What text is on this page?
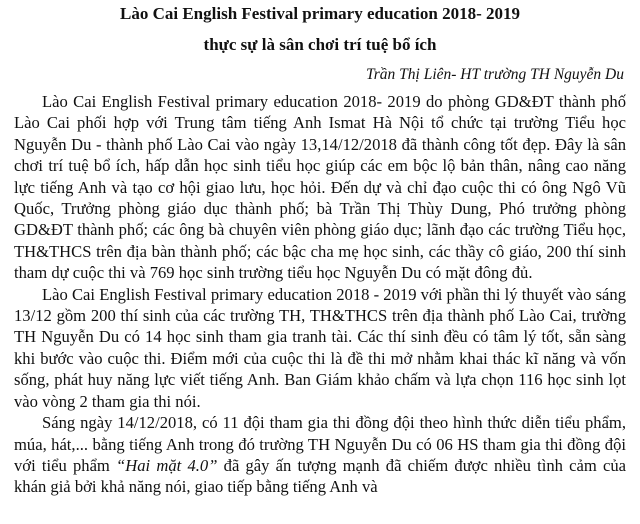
Lào Cai English Festival primary education 2018- 2019
thực sự là sân chơi trí tuệ bổ ích
Trần Thị Liên- HT trường TH Nguyễn Du

Lào Cai English Festival primary education 2018- 2019 do phòng GD&ĐT thành phố Lào Cai phối hợp với Trung tâm tiếng Anh Ismat Hà Nội tổ chức tại trường Tiểu học Nguyễn Du - thành phố Lào Cai vào ngày 13,14/12/2018 đã thành công tốt đẹp. Đây là sân chơi trí tuệ bổ ích, hấp dẫn học sinh tiểu học giúp các em bộc lộ bản thân, nâng cao năng lực tiếng Anh và tạo cơ hội giao lưu, học hỏi. Đến dự và chỉ đạo cuộc thi có ông Ngô Vũ Quốc, Trưởng phòng giáo dục thành phố; bà Trần Thị Thùy Dung, Phó trưởng phòng GD&ĐT thành phố; các ông bà chuyên viên phòng giáo dục; lãnh đạo các trường Tiểu học, TH&THCS trên địa bàn thành phố; các bậc cha mẹ học sinh, các thầy cô giáo, 200 thí sinh tham dự cuộc thi và 769 học sinh trường tiểu học Nguyễn Du có mặt đông đủ.

Lào Cai English Festival primary education 2018 - 2019 với phần thi lý thuyết vào sáng 13/12 gồm 200 thí sinh của các trường TH, TH&THCS trên địa thành phố Lào Cai, trường TH Nguyễn Du có 14 học sinh tham gia tranh tài. Các thí sinh đều có tâm lý tốt, sẵn sàng khi bước vào cuộc thi. Điểm mới của cuộc thi là đề thi mở nhằm khai thác kĩ năng và vốn sống, phát huy năng lực viết tiếng Anh. Ban Giám khảo chấm và lựa chọn 116 học sinh lọt vào vòng 2 tham gia thi nói.

Sáng ngày 14/12/2018, có 11 đội tham gia thi đồng đội theo hình thức diễn tiểu phẩm, múa, hát,... bằng tiếng Anh trong đó trường TH Nguyễn Du có 06 HS tham gia thi đồng đội với tiểu phẩm “Hai mặt 4.0” đã gây ấn tượng mạnh đã chiếm được nhiều tình cảm của khán giả bởi khả năng nói, giao tiếp bằng tiếng Anh và
